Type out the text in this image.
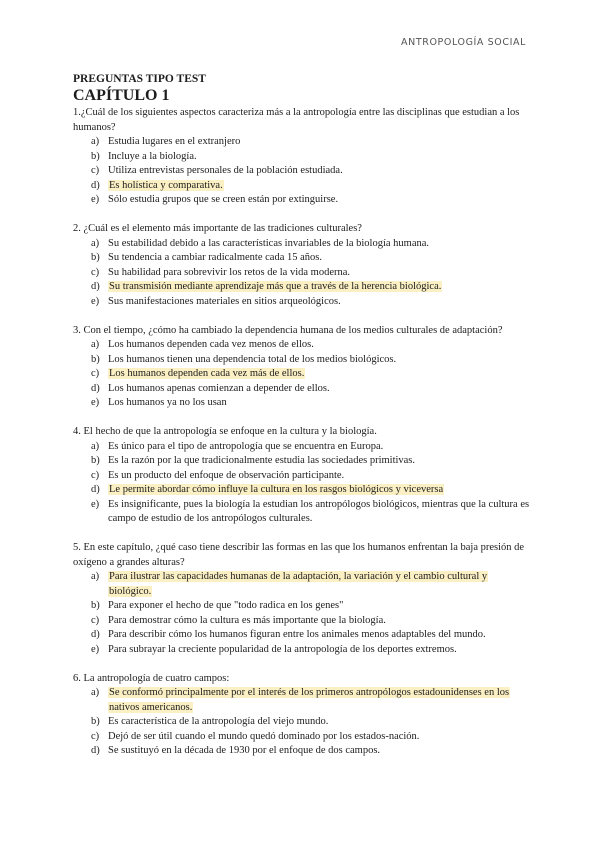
ANTROPOLOGÍA SOCIAL
PREGUNTAS TIPO TEST
CAPÍTULO 1

1.¿Cuál de los siguientes aspectos caracteriza más a la antropología entre las disciplinas que estudian a los humanos?

a) Estudia lugares en el extranjero
b) Incluye a la biología.
c) Utiliza entrevistas personales de la población estudiada.
d) Es holística y comparativa.
e) Sólo estudia grupos que se creen están por extinguirse.

2. ¿Cuál es el elemento más importante de las tradiciones culturales?

a) Su estabilidad debido a las características invariables de la biología humana.
b) Su tendencia a cambiar radicalmente cada 15 años.
c) Su habilidad para sobrevivir los retos de la vida moderna.
d) Su transmisión mediante aprendizaje más que a través de la herencia biológica.
e) Sus manifestaciones materiales en sitios arqueológicos.

3. Con el tiempo, ¿cómo ha cambiado la dependencia humana de los medios culturales de adaptación?

a) Los humanos dependen cada vez menos de ellos.
b) Los humanos tienen una dependencia total de los medios biológicos.
c) Los humanos dependen cada vez más de ellos.
d) Los humanos apenas comienzan a depender de ellos.
e) Los humanos ya no los usan

4. El hecho de que la antropología se enfoque en la cultura y la biología.

a) Es único para el tipo de antropología que se encuentra en Europa.
b) Es la razón por la que tradicionalmente estudia las sociedades primitivas.
c) Es un producto del enfoque de observación participante.
d) Le permite abordar cómo influye la cultura en los rasgos biológicos y viceversa
e) Es insignificante, pues la biología la estudian los antropólogos biológicos, mientras que la cultura es campo de estudio de los antropólogos culturales.

5. En este capítulo, ¿qué caso tiene describir las formas en las que los humanos enfrentan la baja presión de oxígeno a grandes alturas?

a) Para ilustrar las capacidades humanas de la adaptación, la variación y el cambio cultural y biológico.
b) Para exponer el hecho de que "todo radica en los genes"
c) Para demostrar cómo la cultura es más importante que la biología.
d) Para describir cómo los humanos figuran entre los animales menos adaptables del mundo.
e) Para subrayar la creciente popularidad de la antropología de los deportes extremos.

6. La antropología de cuatro campos:

a) Se conformó principalmente por el interés de los primeros antropólogos estadounidenses en los nativos americanos.
b) Es característica de la antropología del viejo mundo.
c) Dejó de ser útil cuando el mundo quedó dominado por los estados-nación.
d) Se sustituyó en la década de 1930 por el enfoque de dos campos.
